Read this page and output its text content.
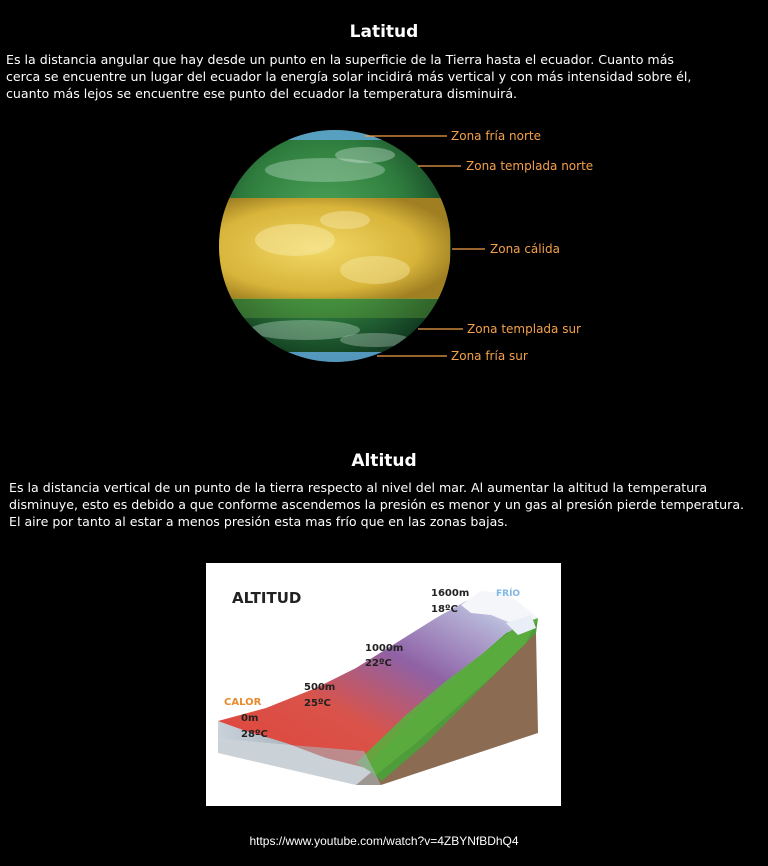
Latitud

Es la distancia angular que hay desde un punto en la superficie de la Tierra hasta el ecuador. Cuanto más
cerca se encuentre un lugar del ecuador la energía solar incidirá más vertical y con más intensidad sobre él,
cuanto más lejos se encuentre ese punto del ecuador la temperatura disminuirá.

Zona fría norte
Zona templada norte
Zona cálida
Zona templada sur
Zona fría sur
Altitud

Es la distancia vertical de un punto de la tierra respecto al nivel del mar. Al aumentar la altitud la temperatura
disminuye, esto es debido a que conforme ascendemos la presión es menor y un gas al presión pierde temperatura.
El aire por tanto al estar a menos presión esta mas frío que en las zonas bajas.

ALTITUD	FRÍO
CALOR
0m
28ºC
500m
25ºC
1000m
22ºC
1600m
18ºC
https://www.youtube.com/watch?v=4ZBYNfBDhQ4
